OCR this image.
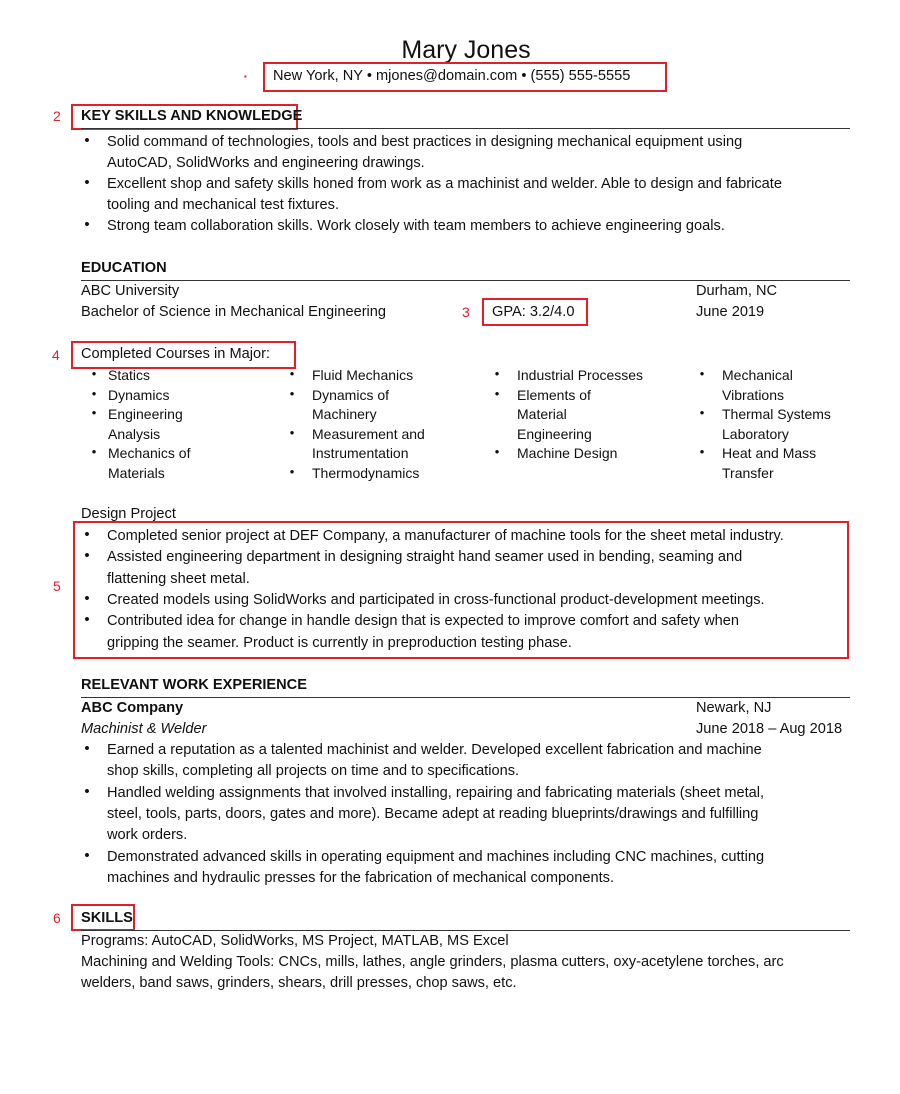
Mary Jones
▪ New York, NY • mjones@domain.com • (555) 555-5555
2 KEY SKILLS AND KNOWLEDGE
•	Solid command of technologies, tools and best practices in designing mechanical equipment using
AutoCAD, SolidWorks and engineering drawings.
•	Excellent shop and safety skills honed from work as a machinist and welder. Able to design and fabricate
tooling and mechanical test fixtures.
•	Strong team collaboration skills. Work closely with team members to achieve engineering goals.
EDUCATION
ABC University	Durham, NC
Bachelor of Science in Mechanical Engineering	3 GPA: 3.2/4.0	June 2019
4 Completed Courses in Major:
• Statics
• Dynamics
• Engineering
Analysis
• Mechanics of
Materials
•	Fluid Mechanics
•	Dynamics of
Machinery
•	Measurement and
Instrumentation
•	Thermodynamics
•	Industrial Processes
•	Elements of
Material
Engineering
•	Machine Design
•	Mechanical
Vibrations
•	Thermal Systems
Laboratory
•	Heat and Mass
Transfer
Design Project
5
•	Completed senior project at DEF Company, a manufacturer of machine tools for the sheet metal industry.
•	Assisted engineering department in designing straight hand seamer used in bending, seaming and
flattening sheet metal.
•	Created models using SolidWorks and participated in cross-functional product-development meetings.
•	Contributed idea for change in handle design that is expected to improve comfort and safety when
gripping the seamer. Product is currently in preproduction testing phase.
RELEVANT WORK EXPERIENCE
ABC Company	Newark, NJ
Machinist & Welder	June 2018 – Aug 2018
•	Earned a reputation as a talented machinist and welder. Developed excellent fabrication and machine
shop skills, completing all projects on time and to specifications.
•	Handled welding assignments that involved installing, repairing and fabricating materials (sheet metal,
steel, tools, parts, doors, gates and more). Became adept at reading blueprints/drawings and fulfilling
work orders.
•	Demonstrated advanced skills in operating equipment and machines including CNC machines, cutting
machines and hydraulic presses for the fabrication of mechanical components.
6 SKILLS
Programs: AutoCAD, SolidWorks, MS Project, MATLAB, MS Excel
Machining and Welding Tools: CNCs, mills, lathes, angle grinders, plasma cutters, oxy-acetylene torches, arc
welders, band saws, grinders, shears, drill presses, chop saws, etc.
